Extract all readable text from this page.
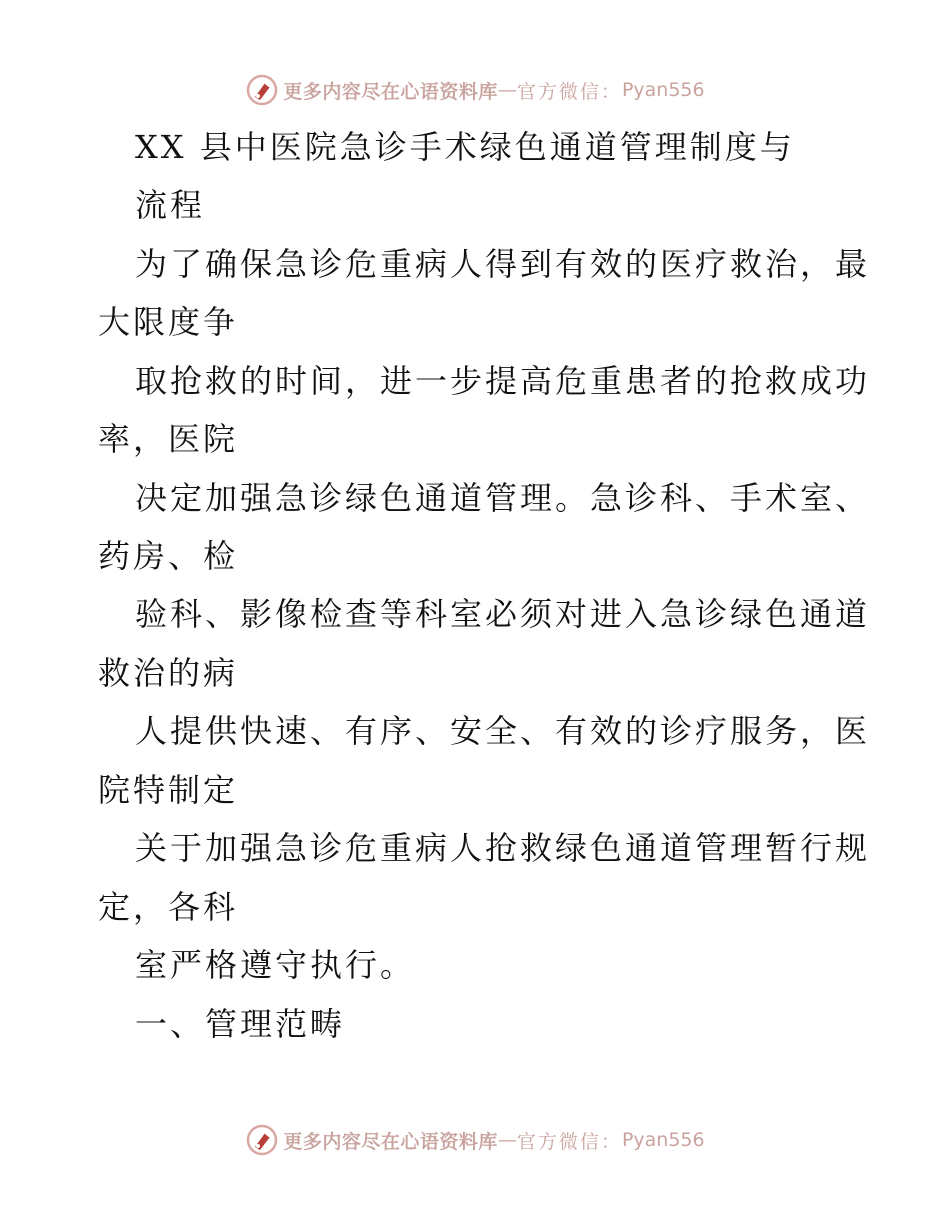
更多内容尽在心语资料库 — 官方微信： Pyan556

XX 县中医院急诊手术绿色通道管理制度与

流程

为了确保急诊危重病人得到有效的医疗救治，最

大限度争

取抢救的时间，进一步提高危重患者的抢救成功

率，医院

决定加强急诊绿色通道管理。急诊科、手术室、

药房、检

验科、影像检查等科室必须对进入急诊绿色通道

救治的病

人提供快速、有序、安全、有效的诊疗服务，医

院特制定

关于加强急诊危重病人抢救绿色通道管理暂行规

定，各科

室严格遵守执行。

一、管理范畴

更多内容尽在心语资料库 — 官方微信： Pyan556
